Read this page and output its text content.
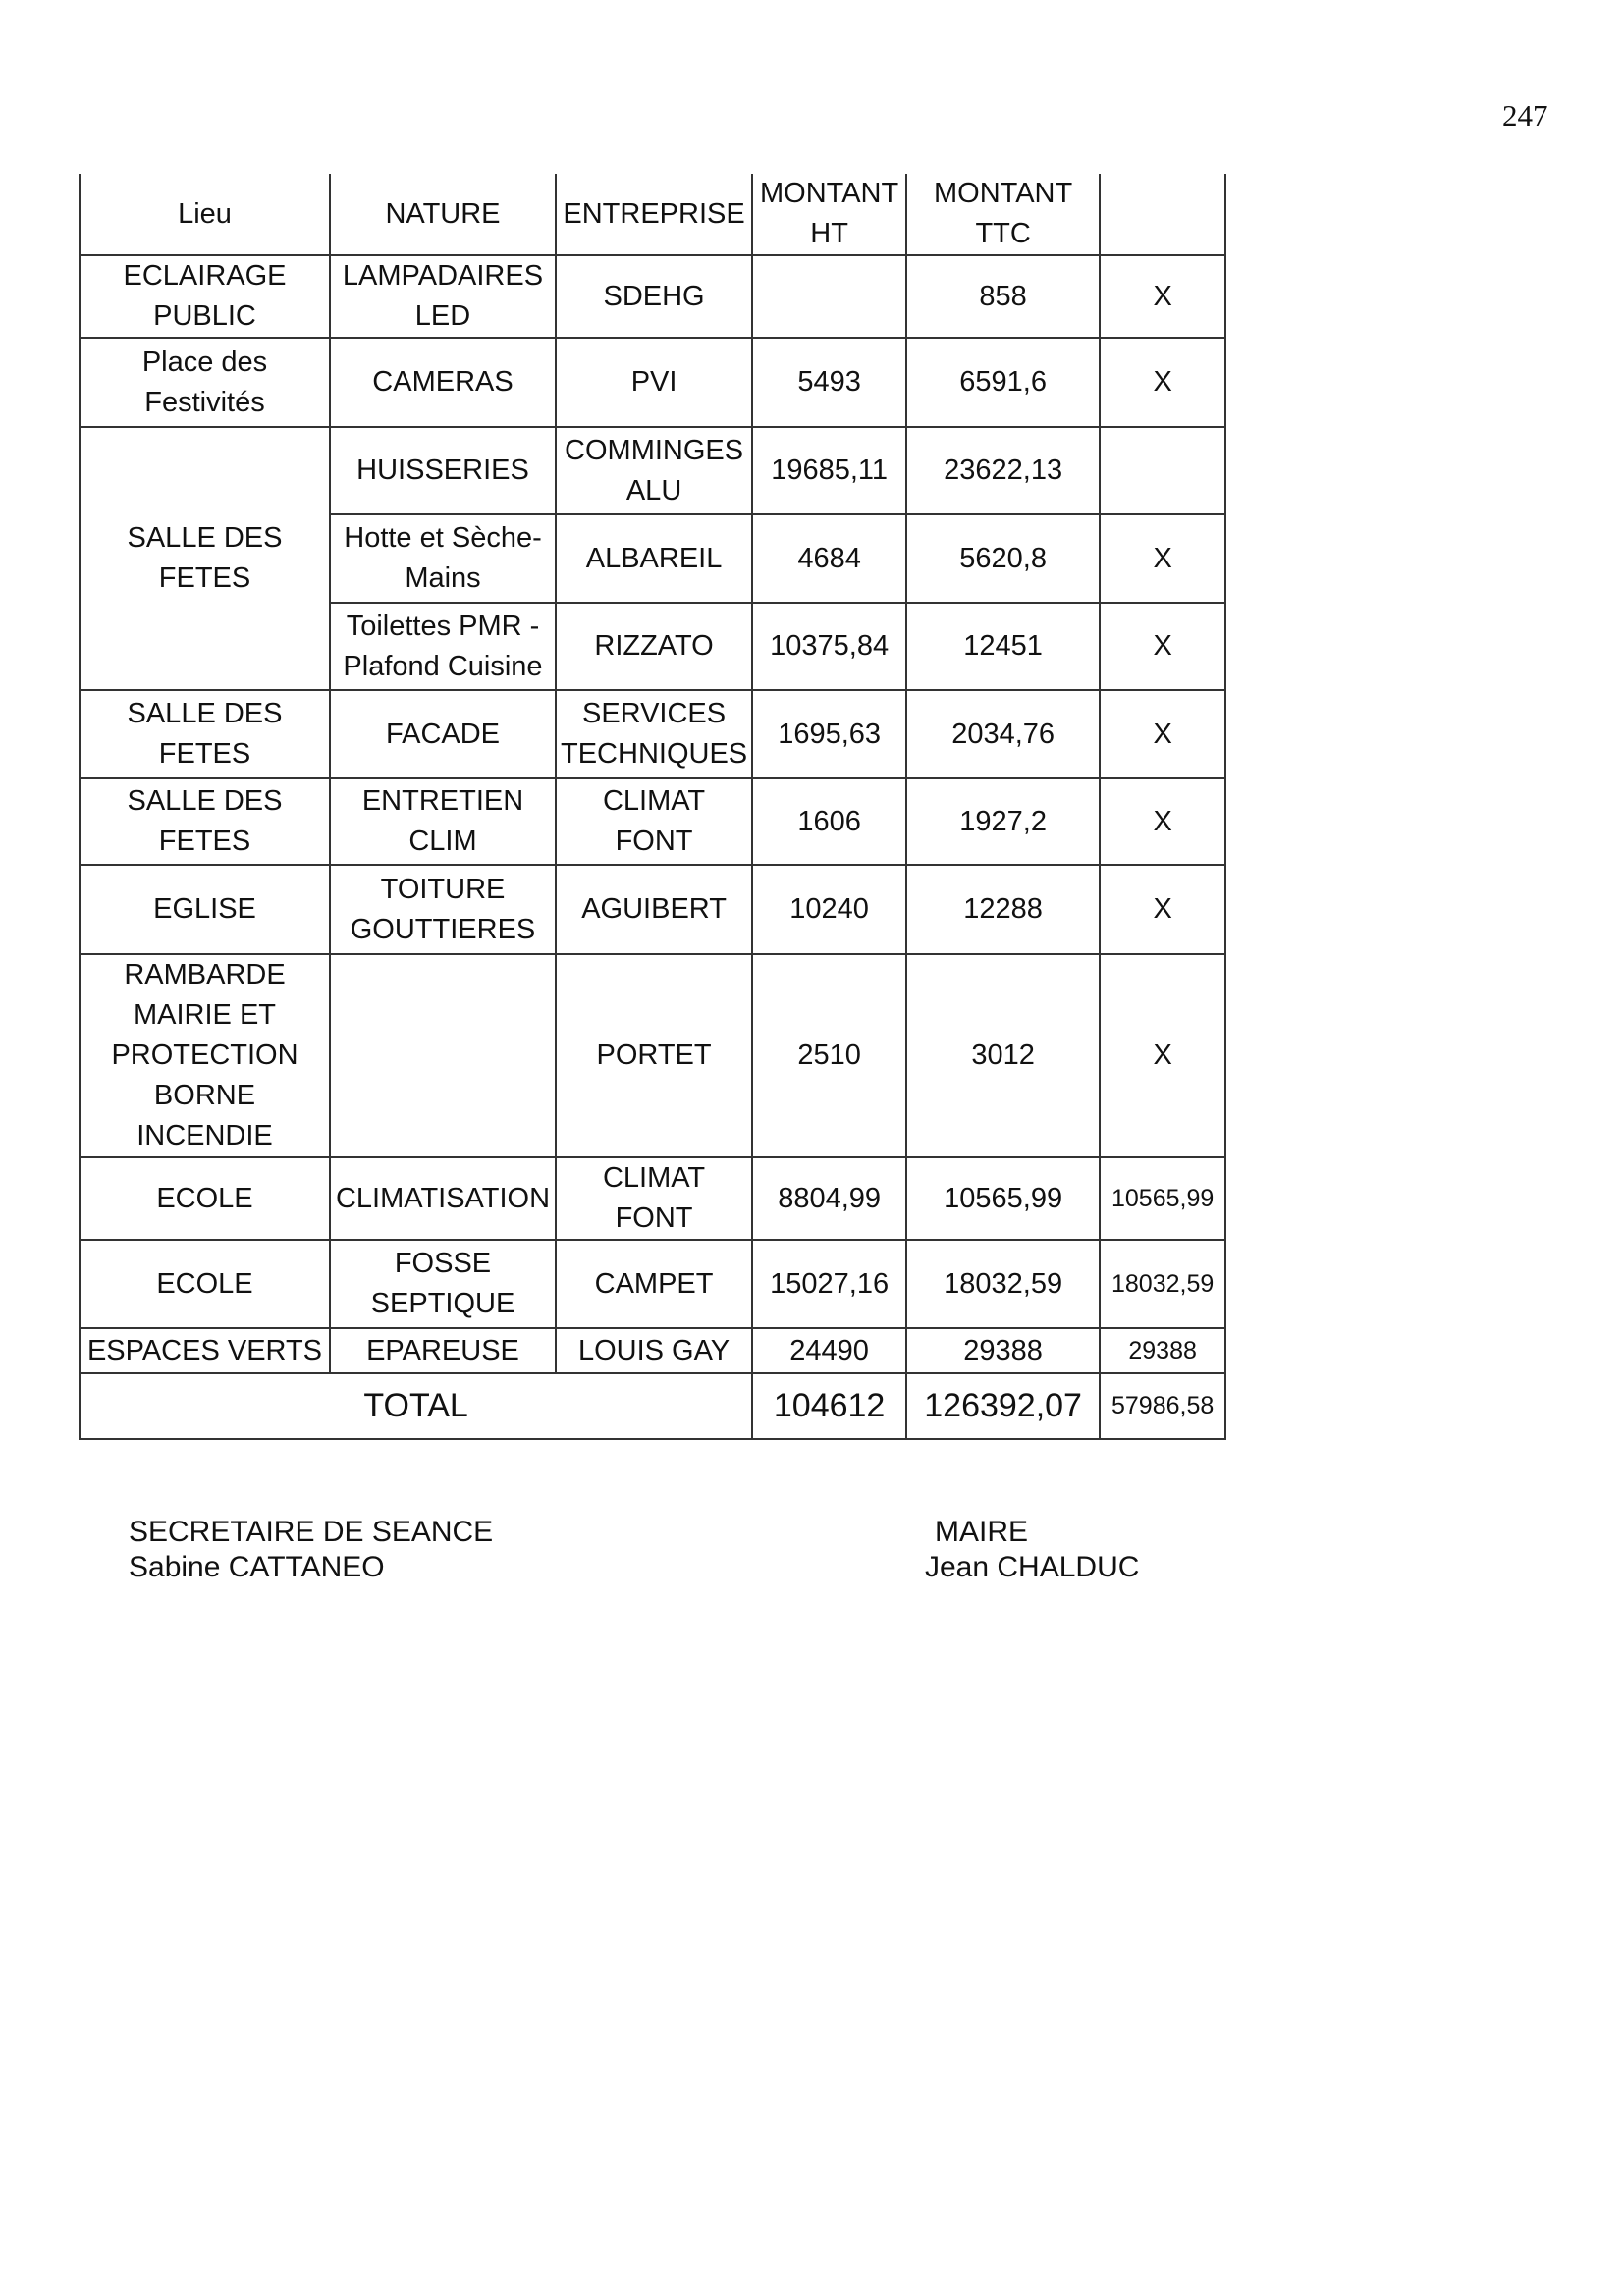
247
Lieu	NATURE	ENTREPRISE	MONTANT HT	MONTANT TTC	
ECLAIRAGE PUBLIC	LAMPADAIRES LED	SDEHG		858	X
Place des Festivités	CAMERAS	PVI	5493	6591,6	X
SALLE DES FETES	HUISSERIES	COMMINGES ALU	19685,11	23622,13	
	Hotte et Sèche-Mains	ALBAREIL	4684	5620,8	X
	Toilettes PMR - Plafond Cuisine	RIZZATO	10375,84	12451	X
SALLE DES FETES	FACADE	SERVICES TECHNIQUES	1695,63	2034,76	X
SALLE DES FETES	ENTRETIEN CLIM	CLIMAT FONT	1606	1927,2	X
EGLISE	TOITURE GOUTTIERES	AGUIBERT	10240	12288	X
RAMBARDE MAIRIE ET PROTECTION BORNE INCENDIE		PORTET	2510	3012	X
ECOLE	CLIMATISATION	CLIMAT FONT	8804,99	10565,99	10565,99
ECOLE	FOSSE SEPTIQUE	CAMPET	15027,16	18032,59	18032,59
ESPACES VERTS	EPAREUSE	LOUIS GAY	24490	29388	29388
TOTAL			104612	126392,07	57986,58
SECRETAIRE DE SEANCE
Sabine CATTANEO
MAIRE
Jean CHALDUC
